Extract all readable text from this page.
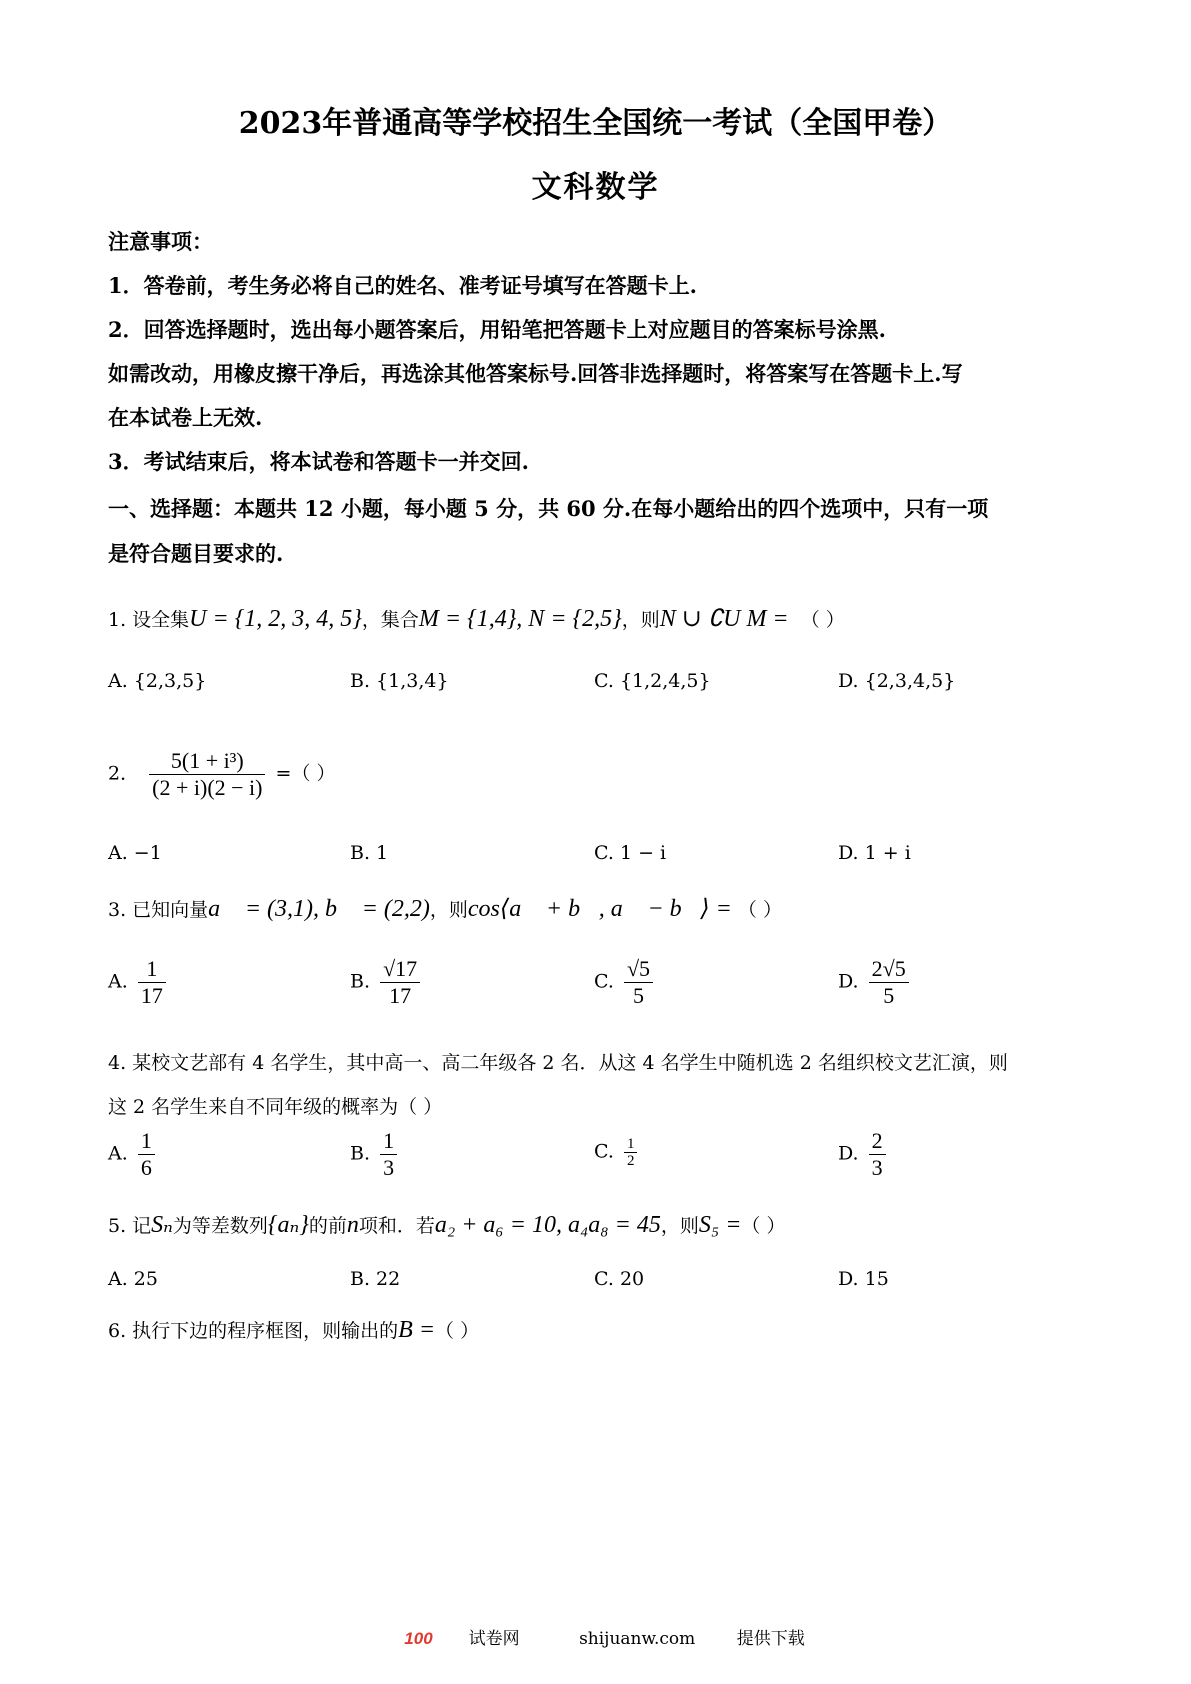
2023年普通高等学校招生全国统一考试（全国甲卷）
文科数学
注意事项：
1．答卷前，考生务必将自己的姓名、准考证号填写在答题卡上.
2．回答选择题时，选出每小题答案后，用铅笔把答题卡上对应题目的答案标号涂黑.
如需改动，用橡皮擦干净后，再选涂其他答案标号.回答非选择题时，将答案写在答题卡上.写
在本试卷上无效.
3．考试结束后，将本试卷和答题卡一并交回.
一、选择题：本题共 12 小题，每小题 5 分，共 60 分.在每小题给出的四个选项中，只有一项
是符合题目要求的.
1. 设全集U = {1, 2, 3, 4, 5}，集合M = {1,4}, N = {2,5}，则N ∪ ∁U M = （ ）
A. {2,3,5}	B. {1,3,4}	C. {1,2,4,5}	D. {2,3,4,5}
2． $\frac{\text{5(1 + i³)}}{(2 + i)(2 - i)}$ =（ ）
A. −1	B. 1	C. 1 − i	D. 1 + i
3. 已知向量a⃗ = (3,1), b⃗ = (2,2)，则cos⟨a⃗ + b⃗, a⃗ − b⃗⟩ = （ ）
A. $\frac{1}{17}$	B. $\frac{√17}{17}$	C. $\frac{√5}{5}$	D. $\frac{2√5}{5}$
4. 某校文艺部有 4 名学生，其中高一、高二年级各 2 名．从这 4 名学生中随机选 2 名组织校文艺汇演，则
这 2 名学生来自不同年级的概率为（ ）
A. $\frac{1}{6}$	B. $\frac{1}{3}$	C. $\frac{1}{2}$	D. $\frac{2}{3}$
5. 记Sₙ为等差数列{aₙ}的前n项和．若a₂ + a₆ = 10, a₄a₈ = 45，则S₅ =（ ）
A. 25	B. 22	C. 20	D. 15
6. 执行下边的程序框图，则输出的B =（ ）
100 试卷网	shijuanw.com 提供下载
